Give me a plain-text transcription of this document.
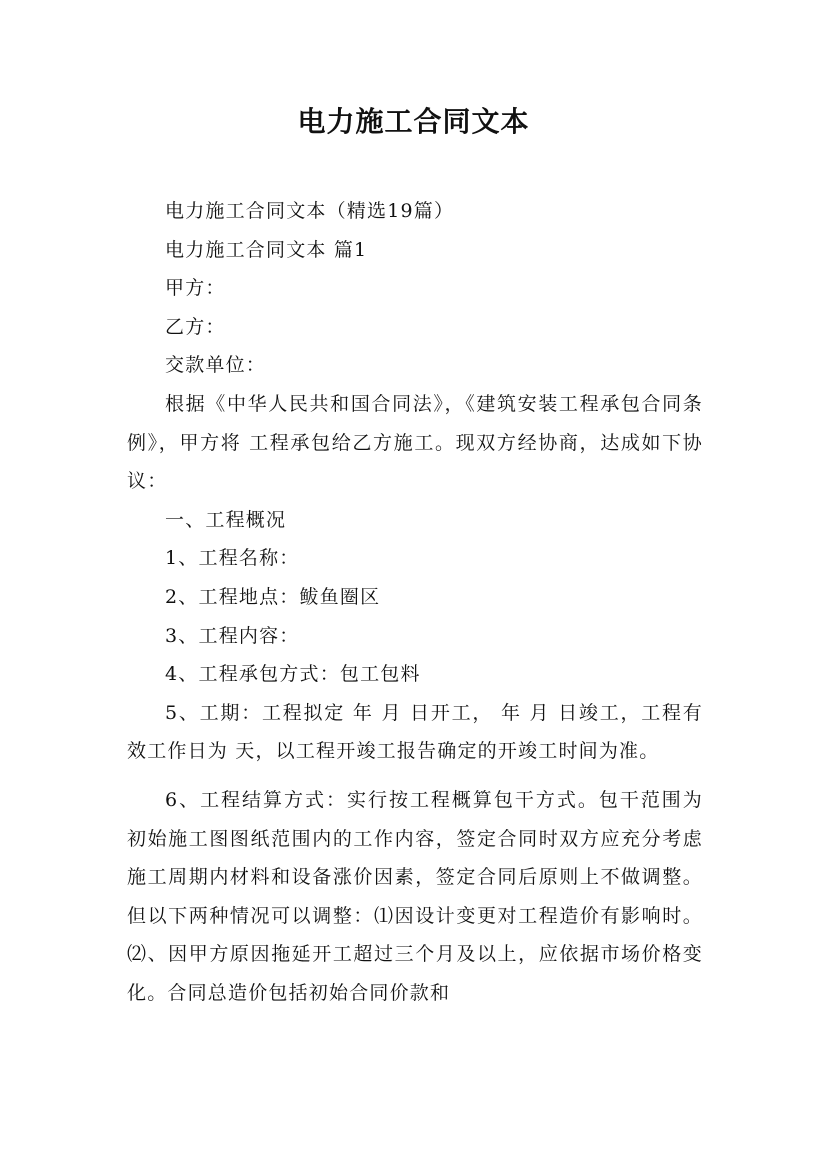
电力施工合同文本

电力施工合同文本（精选19篇）

电力施工合同文本 篇1

甲方：

乙方：

交款单位：

根据《中华人民共和国合同法》，《建筑安装工程承包合同条例》，甲方将 工程承包给乙方施工。现双方经协商，达成如下协议：

一、工程概况

1、工程名称：

2、工程地点：鲅鱼圈区

3、工程内容：

4、工程承包方式：包工包料

5、工期：工程拟定 年 月 日开工， 年 月 日竣工，工程有效工作日为 天，以工程开竣工报告确定的开竣工时间为准。

6、工程结算方式：实行按工程概算包干方式。包干范围为初始施工图图纸范围内的工作内容，签定合同时双方应充分考虑施工周期内材料和设备涨价因素，签定合同后原则上不做调整。但以下两种情况可以调整：⑴因设计变更对工程造价有影响时。⑵、因甲方原因拖延开工超过三个月及以上，应依据市场价格变化。合同总造价包括初始合同价款和
